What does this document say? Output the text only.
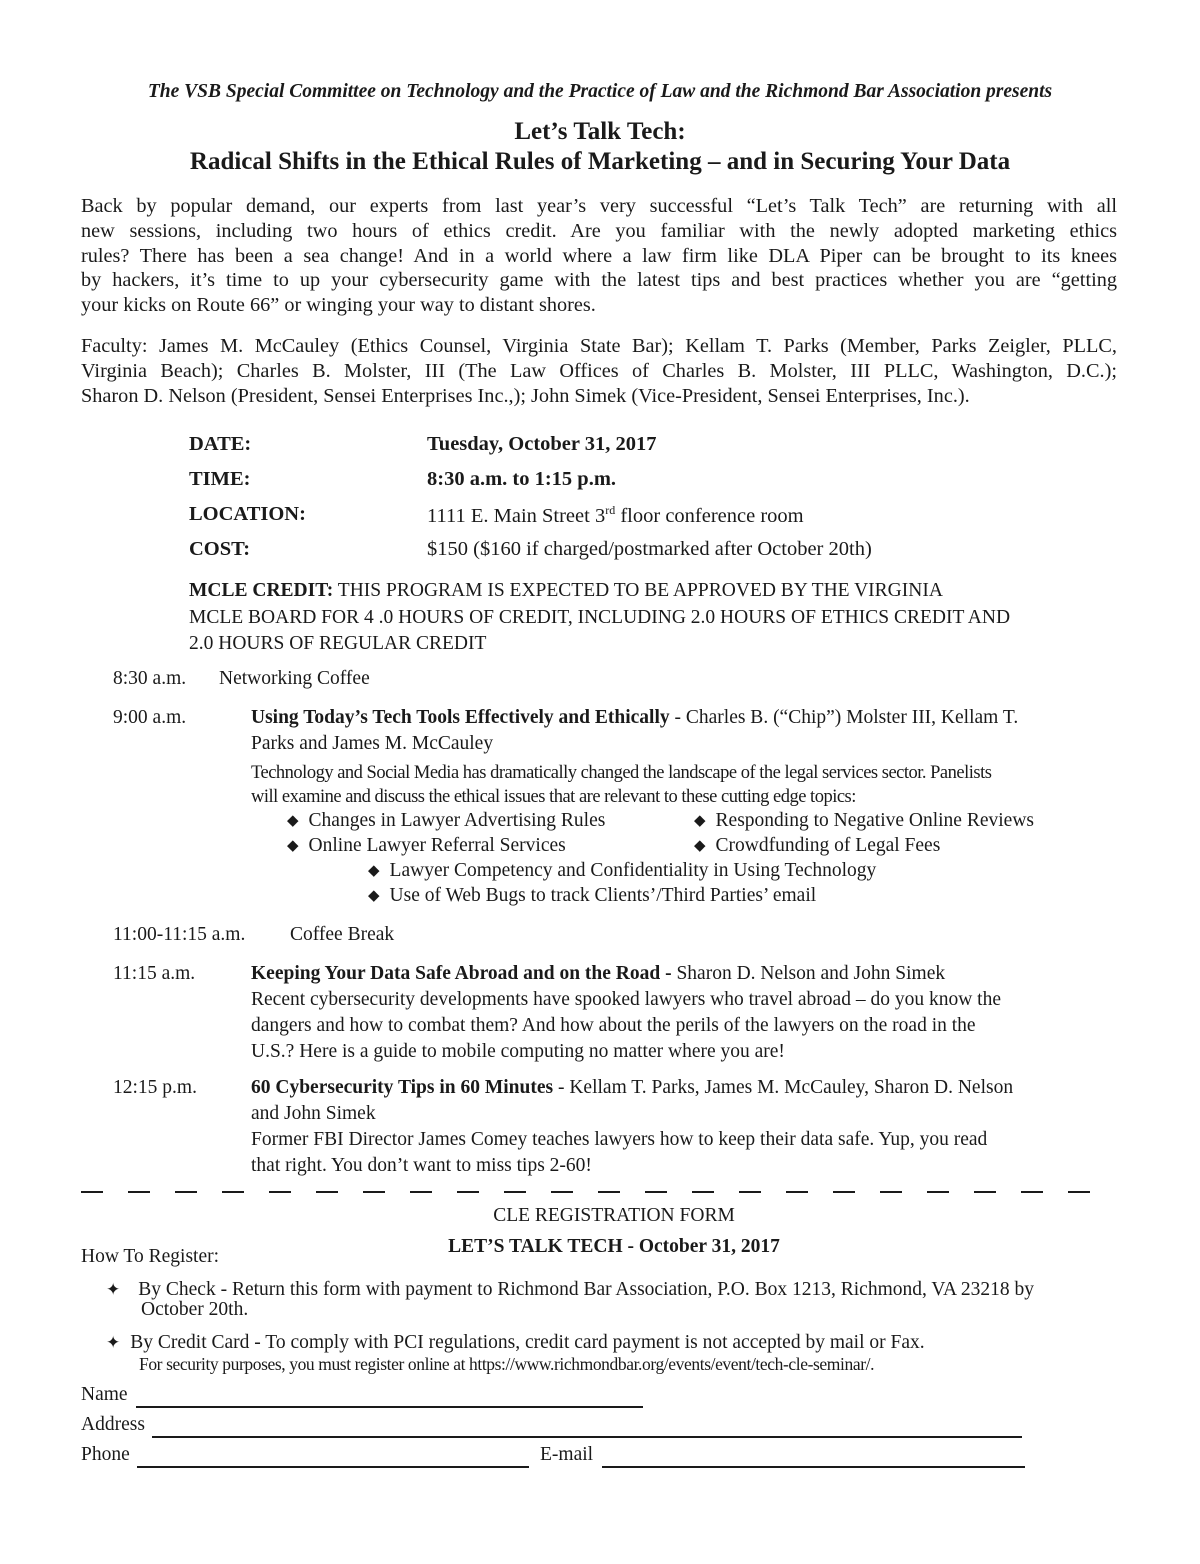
The VSB Special Committee on Technology and the Practice of Law and the Richmond Bar Association presents
Let’s Talk Tech:
Radical Shifts in the Ethical Rules of Marketing – and in Securing Your Data
Back by popular demand, our experts from last year’s very successful “Let’s Talk Tech” are returning with all
new sessions, including two hours of ethics credit. Are you familiar with the newly adopted marketing ethics
rules? There has been a sea change! And in a world where a law firm like DLA Piper can be brought to its knees
by hackers, it’s time to up your cybersecurity game with the latest tips and best practices whether you are “getting
your kicks on Route 66” or winging your way to distant shores.
Faculty: James M. McCauley (Ethics Counsel, Virginia State Bar); Kellam T. Parks (Member, Parks Zeigler, PLLC,
Virginia Beach); Charles B. Molster, III (The Law Offices of Charles B. Molster, III PLLC, Washington, D.C.);
Sharon D. Nelson (President, Sensei Enterprises Inc.,); John Simek (Vice-President, Sensei Enterprises, Inc.).
DATE:	Tuesday, October 31, 2017
TIME:	8:30 a.m. to 1:15 p.m.
LOCATION:	1111 E. Main Street 3rd floor conference room
COST:	$150 ($160 if charged/postmarked after October 20th)
MCLE CREDIT: THIS PROGRAM IS EXPECTED TO BE APPROVED BY THE VIRGINIA
MCLE BOARD FOR 4 .0 HOURS OF CREDIT, INCLUDING 2.0 HOURS OF ETHICS CREDIT AND
2.0 HOURS OF REGULAR CREDIT
8:30 a.m. Networking Coffee
9:00 a.m.	Using Today’s Tech Tools Effectively and Ethically - Charles B. (“Chip”) Molster III, Kellam T.
Parks and James M. McCauley
Technology and Social Media has dramatically changed the landscape of the legal services sector. Panelists
will examine and discuss the ethical issues that are relevant to these cutting edge topics:
◆ Changes in Lawyer Advertising Rules	◆ Responding to Negative Online Reviews
◆ Online Lawyer Referral Services	◆ Crowdfunding of Legal Fees
◆ Lawyer Competency and Confidentiality in Using Technology
◆ Use of Web Bugs to track Clients’/Third Parties’ email
11:00-11:15 a.m. Coffee Break
11:15 a.m.	Keeping Your Data Safe Abroad and on the Road - Sharon D. Nelson and John Simek
Recent cybersecurity developments have spooked lawyers who travel abroad – do you know the
dangers and how to combat them? And how about the perils of the lawyers on the road in the
U.S.? Here is a guide to mobile computing no matter where you are!
12:15 p.m.	60 Cybersecurity Tips in 60 Minutes - Kellam T. Parks, James M. McCauley, Sharon D. Nelson
and John Simek
Former FBI Director James Comey teaches lawyers how to keep their data safe. Yup, you read
that right. You don’t want to miss tips 2-60!
CLE REGISTRATION FORM
LET’S TALK TECH - October 31, 2017
How To Register:
✦ By Check - Return this form with payment to Richmond Bar Association, P.O. Box 1213, Richmond, VA 23218 by
October 20th.
✦ By Credit Card - To comply with PCI regulations, credit card payment is not accepted by mail or Fax.
For security purposes, you must register online at https://www.richmondbar.org/events/event/tech-cle-seminar/.
Name
Address
Phone	E-mail
